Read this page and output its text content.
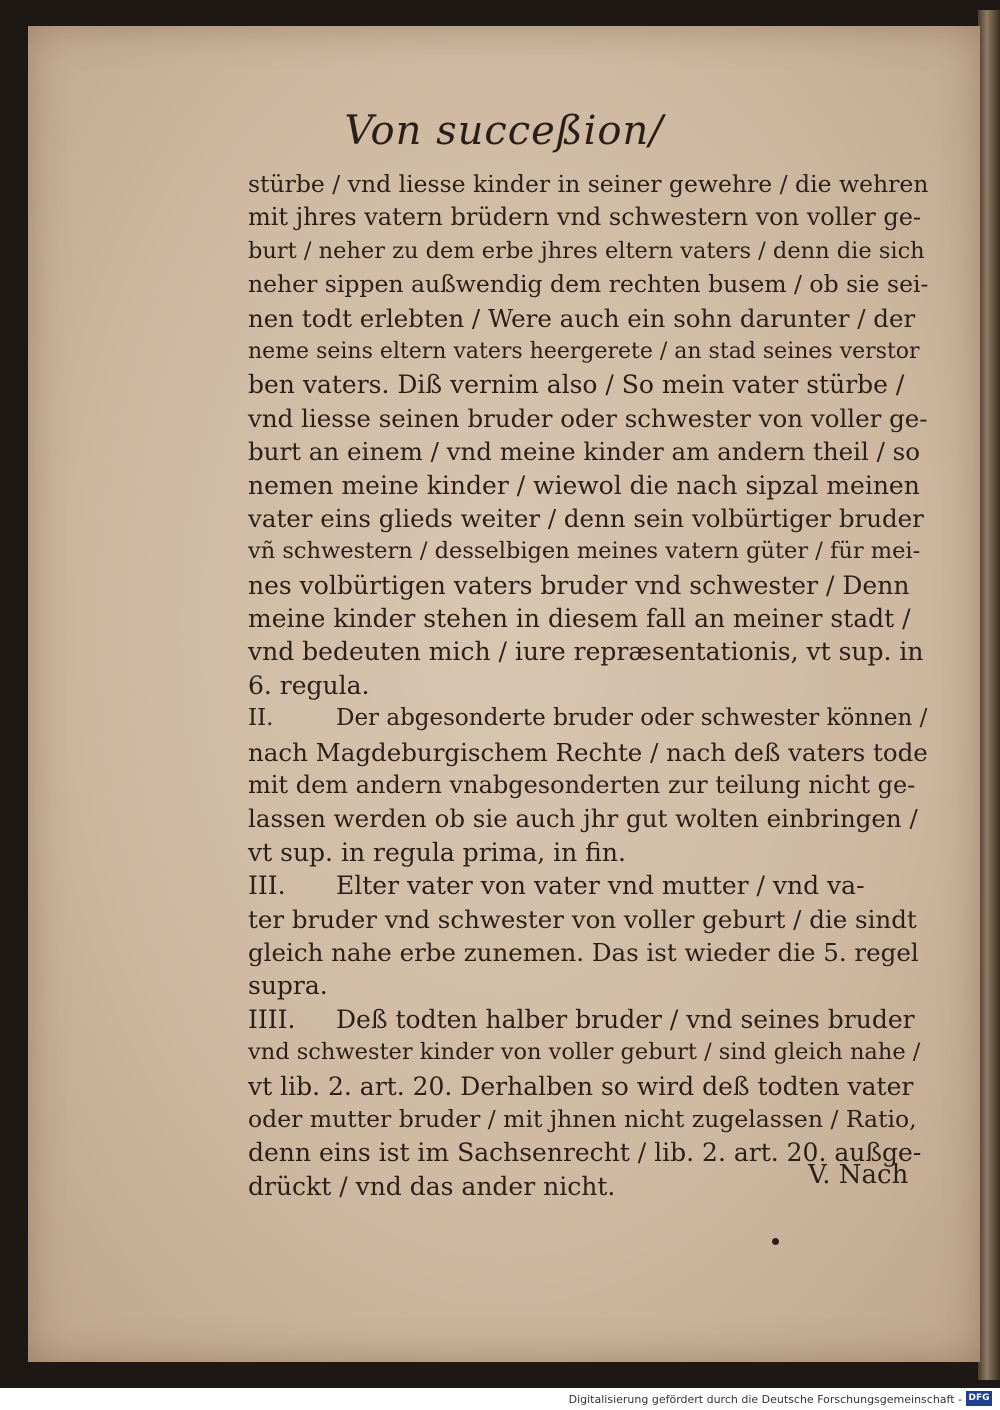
Von succeßion/
stürbe / vnd liesse kinder in seiner gewehre / die wehren
mit jhres vatern brüdern vnd schwestern von voller ge-
burt / neher zu dem erbe jhres eltern vaters / denn die sich
neher sippen außwendig dem rechten busem / ob sie sei-
nen todt erlebten / Were auch ein sohn darunter / der
neme seins eltern vaters heergerete / an stad seines verstor
ben vaters. Diß vernim also / So mein vater stürbe /
vnd liesse seinen bruder oder schwester von voller ge-
burt an einem / vnd meine kinder am andern theil / so
nemen meine kinder / wiewol die nach sipzal meinen
vater eins glieds weiter / denn sein volbürtiger bruder
vñ schwestern / desselbigen meines vatern güter / für mei-
nes volbürtigen vaters bruder vnd schwester / Denn
meine kinder stehen in diesem fall an meiner stadt /
vnd bedeuten mich / iure repræsentationis, vt sup. in
6. regula.
II.	Der abgesonderte bruder oder schwester können /
nach Magdeburgischem Rechte / nach deß vaters tode
mit dem andern vnabgesonderten zur teilung nicht ge-
lassen werden ob sie auch jhr gut wolten einbringen /
vt sup. in regula prima, in fin.
III. Elter vater von vater vnd mutter / vnd va-
ter bruder vnd schwester von voller geburt / die sindt
gleich nahe erbe zunemen. Das ist wieder die 5. regel
supra.
IIII. Deß todten halber bruder / vnd seines bruder
vnd schwester kinder von voller geburt / sind gleich nahe /
vt lib. 2. art. 20. Derhalben so wird deß todten vater
oder mutter bruder / mit jhnen nicht zugelassen / Ratio,
denn eins ist im Sachsenrecht / lib. 2. art. 20. außge-
drückt / vnd das ander nicht.	V. Nach
Digitalisierung gefördert durch die Deutsche Forschungsgemeinschaft - DFG
